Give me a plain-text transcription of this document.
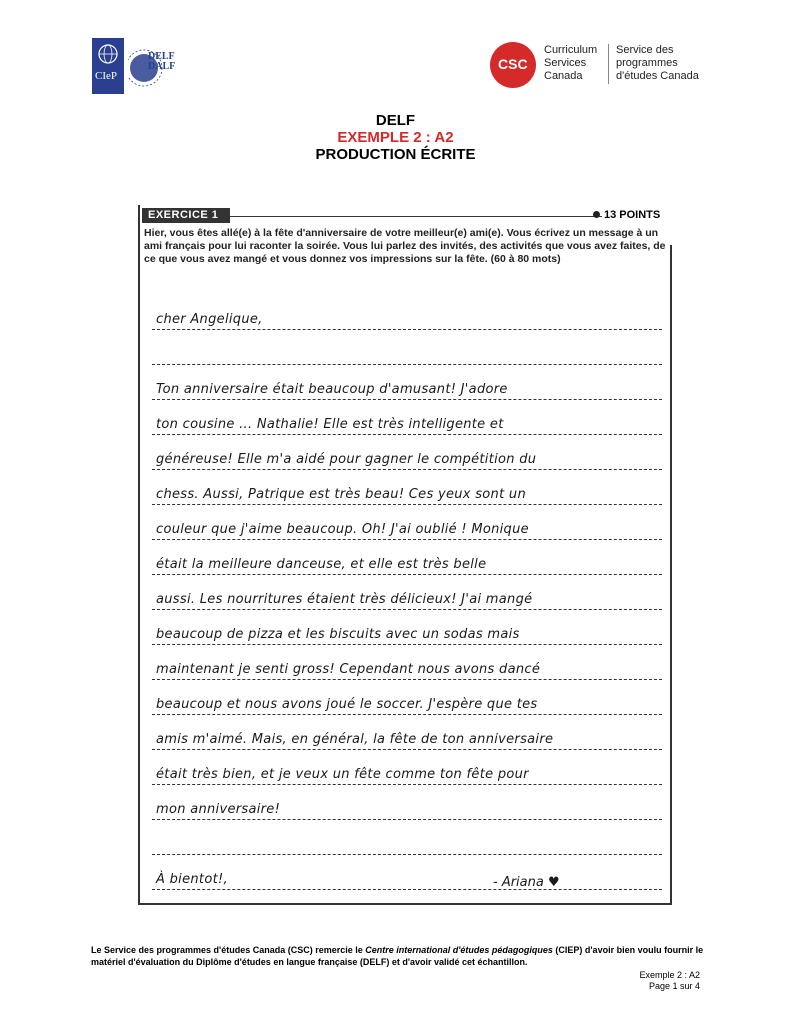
CIeP
DELF
DALF	CSC
Curriculum
Services
Canada
Service des
programmes
d'études Canada
DELF
EXEMPLE 2 : A2
PRODUCTION ÉCRITE
EXERCICE 1	13 POINTS
Hier, vous êtes allé(e) à la fête d'anniversaire de votre meilleur(e) ami(e). Vous écrivez un message à un ami français pour lui raconter la soirée. Vous lui parlez des invités, des activités que vous avez faites, de ce que vous avez mangé et vous donnez vos impressions sur la fête. (60 à 80 mots)
cher Angelique,
Ton anniversaire était beaucoup d'amusant! J'adore
ton cousine ... Nathalie! Elle est très intelligente et
généreuse! Elle m'a aidé pour gagner le compétition du
chess. Aussi, Patrique est très beau! Ces yeux sont un
couleur que j'aime beaucoup. Oh! J'ai oublié ! Monique
était la meilleure danceuse, et elle est très belle
aussi. Les nourritures étaient très délicieux! J'ai mangé
beaucoup de pizza et les biscuits avec un sodas mais
maintenant je senti gross! Cependant nous avons dancé
beaucoup et nous avons joué le soccer. J'espère que tes
amis m'aimé. Mais, en général, la fête de ton anniversaire
était très bien, et je veux un fête comme ton fête pour
mon anniversaire!
À bientot!,	- Ariana ♥
Le Service des programmes d'études Canada (CSC) remercie le Centre international d'études pédagogiques (CIEP) d'avoir bien voulu fournir le matériel d'évaluation du Diplôme d'études en langue française (DELF) et d'avoir validé cet échantillon.
Exemple 2 : A2
Page 1 sur 4
